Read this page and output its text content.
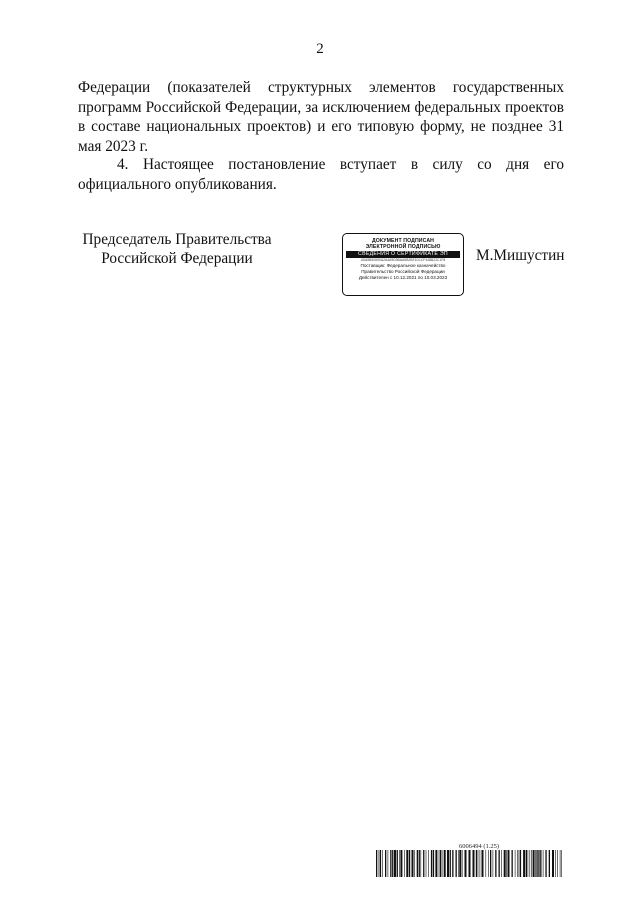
2

Федерации (показателей структурных элементов государственных программ Российской Федерации, за исключением федеральных проектов в составе национальных проектов) и его типовую форму, не позднее 31 мая 2023 г.

4. Настоящее постановление вступает в силу со дня его официального опубликования.

Председатель Правительства
Российской Федерации
ДОКУМЕНТ ПОДПИСАН
ЭЛЕКТРОННОЙ ПОДПИСЬЮ
СВЕДЕНИЯ О СЕРТИФИКАТЕ ЭП
4DA5B90690A2A4A9D3BAA5B2BF1D1CF448B23C1F8
Поставщик: Федеральное казначейство
Правительство Российской Федерации
Действителен с 10.12.2021 по 10.03.2023
М.Мишустин
6006494 (1.25)
